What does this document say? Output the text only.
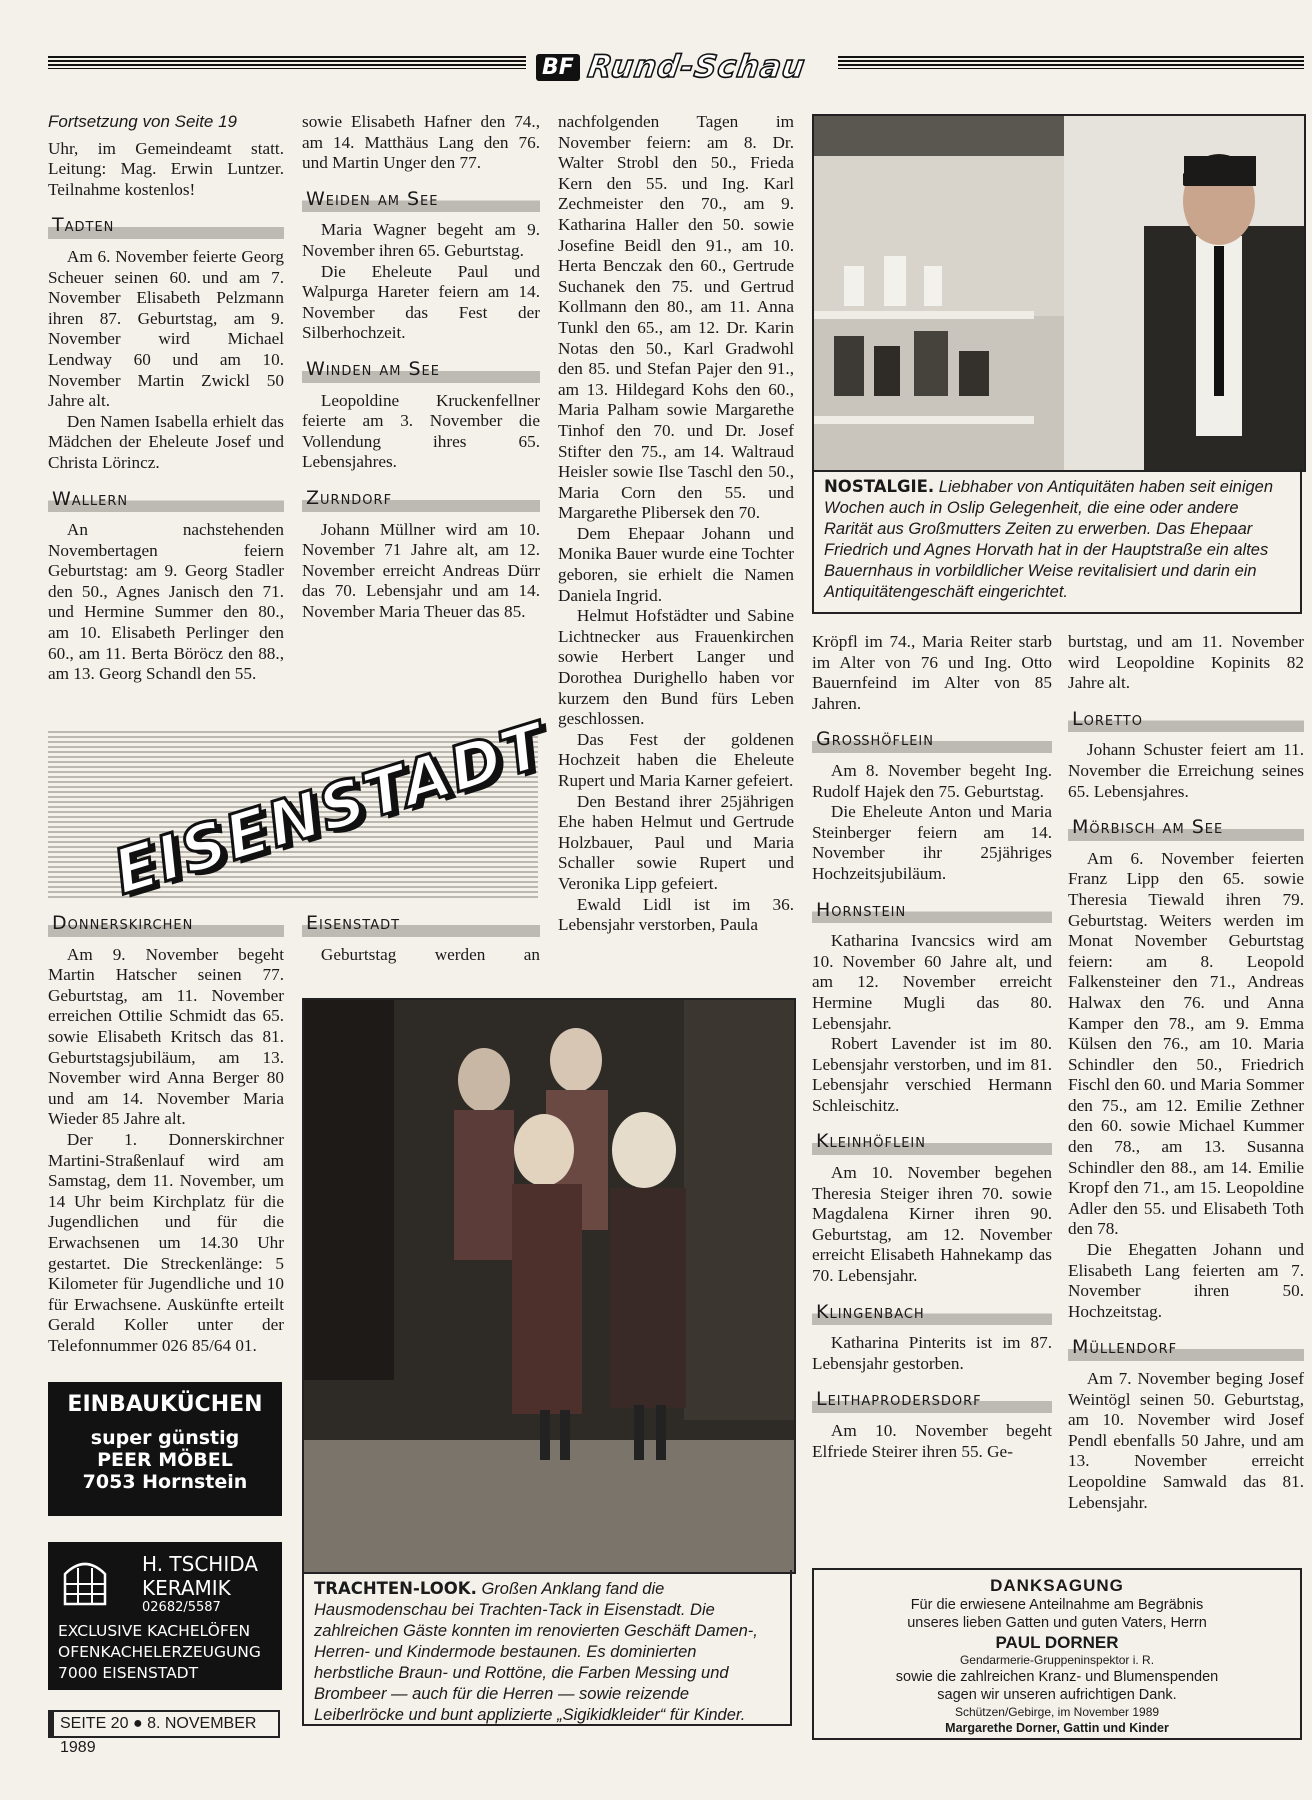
BF Rund-Schau

Fortsetzung von Seite 19

Uhr, im Gemeindeamt statt. Leitung: Mag. Erwin Luntzer. Teilnahme kostenlos!

Tadten

Am 6. November feierte Georg Scheuer seinen 60. und am 7. November Elisabeth Pelzmann ihren 87. Geburtstag, am 9. November wird Michael Lendway 60 und am 10. November Martin Zwickl 50 Jahre alt.

Den Namen Isabella erhielt das Mädchen der Eheleute Josef und Christa Lörincz.

Wallern

An nachstehenden Novembertagen feiern Geburtstag: am 9. Georg Stadler den 50., Agnes Janisch den 71. und Hermine Summer den 80., am 10. Elisabeth Perlinger den 60., am 11. Berta Böröcz den 88., am 13. Georg Schandl den 55.

sowie Elisabeth Hafner den 74., am 14. Matthäus Lang den 76. und Martin Unger den 77.

Weiden am See

Maria Wagner begeht am 9. November ihren 65. Geburtstag.

Die Eheleute Paul und Walpurga Hareter feiern am 14. November das Fest der Silberhochzeit.

Winden am See

Leopoldine Kruckenfellner feierte am 3. November die Vollendung ihres 65. Lebensjahres.

Zurndorf

Johann Müllner wird am 10. November 71 Jahre alt, am 12. November erreicht Andreas Dürr das 70. Lebensjahr und am 14. November Maria Theuer das 85.

nachfolgenden Tagen im November feiern: am 8. Dr. Walter Strobl den 50., Frieda Kern den 55. und Ing. Karl Zechmeister den 70., am 9. Katharina Haller den 50. sowie Josefine Beidl den 91., am 10. Herta Benczak den 60., Gertrude Suchanek den 75. und Gertrud Kollmann den 80., am 11. Anna Tunkl den 65., am 12. Dr. Karin Notas den 50., Karl Gradwohl den 85. und Stefan Pajer den 91., am 13. Hildegard Kohs den 60., Maria Palham sowie Margarethe Tinhof den 70. und Dr. Josef Stifter den 75., am 14. Waltraud Heisler sowie Ilse Taschl den 50., Maria Corn den 55. und Margarethe Plibersek den 70.

Dem Ehepaar Johann und Monika Bauer wurde eine Tochter geboren, sie erhielt die Namen Daniela Ingrid.

Helmut Hofstädter und Sabine Lichtnecker aus Frauenkirchen sowie Herbert Langer und Dorothea Durighello haben vor kurzem den Bund fürs Leben geschlossen.

Das Fest der goldenen Hochzeit haben die Eheleute Rupert und Maria Karner gefeiert.

Den Bestand ihrer 25jährigen Ehe haben Helmut und Gertrude Holzbauer, Paul und Maria Schaller sowie Rupert und Veronika Lipp gefeiert.

Ewald Lidl ist im 36. Lebensjahr verstorben, Paula

NOSTALGIE. Liebhaber von Antiquitäten haben seit einigen Wochen auch in Oslip Gelegenheit, die eine oder andere Rarität aus Großmutters Zeiten zu erwerben. Das Ehepaar Friedrich und Agnes Horvath hat in der Hauptstraße ein altes Bauernhaus in vorbildlicher Weise revitalisiert und darin ein Antiquitätengeschäft eingerichtet.
EISENSTADT
Donnerskirchen

Am 9. November begeht Martin Hatscher seinen 77. Geburtstag, am 11. November erreichen Ottilie Schmidt das 65. sowie Elisabeth Kritsch das 81. Geburtstagsjubiläum, am 13. November wird Anna Berger 80 und am 14. November Maria Wieder 85 Jahre alt.

Der 1. Donnerskirchner Martini-Straßenlauf wird am Samstag, dem 11. November, um 14 Uhr beim Kirchplatz für die Jugendlichen und für die Erwachsenen um 14.30 Uhr gestartet. Die Streckenlänge: 5 Kilometer für Jugendliche und 10 für Erwachsene. Auskünfte erteilt Gerald Koller unter der Telefonnummer 026 85/64 01.

Eisenstadt

Geburtstag werden an

TRACHTEN-LOOK. Großen Anklang fand die Hausmodenschau bei Trachten-Tack in Eisenstadt. Die zahlreichen Gäste konnten im renovierten Geschäft Damen-, Herren- und Kindermode bestaunen. Es dominierten herbstliche Braun- und Rottöne, die Farben Messing und Brombeer — auch für die Herren — sowie reizende Leiberlröcke und bunt applizierte „Sigikidkleider“ für Kinder.
EINBAUKÜCHEN
super günstig
PEER MÖBEL
7053 Hornstein
H. TSCHIDA
KERAMIK
02682/5587
EXCLUSIVE KACHELÖFEN
OFENKACHELERZEUGUNG
7000 EISENSTADT
SEITE 20 ● 8. NOVEMBER 1989

Kröpfl im 74., Maria Reiter starb im Alter von 76 und Ing. Otto Bauernfeind im Alter von 85 Jahren.

Großhöflein

Am 8. November begeht Ing. Rudolf Hajek den 75. Geburtstag.

Die Eheleute Anton und Maria Steinberger feiern am 14. November ihr 25jähriges Hochzeitsjubiläum.

Hornstein

Katharina Ivancsics wird am 10. November 60 Jahre alt, und am 12. November erreicht Hermine Mugli das 80. Lebensjahr.

Robert Lavender ist im 80. Lebensjahr verstorben, und im 81. Lebensjahr verschied Hermann Schleischitz.

Kleinhöflein

Am 10. November begehen Theresia Steiger ihren 70. sowie Magdalena Kirner ihren 90. Geburtstag, am 12. November erreicht Elisabeth Hahnekamp das 70. Lebensjahr.

Klingenbach

Katharina Pinterits ist im 87. Lebensjahr gestorben.

Leithaprodersdorf

Am 10. November begeht Elfriede Steirer ihren 55. Ge-

burtstag, und am 11. November wird Leopoldine Kopinits 82 Jahre alt.

Loretto

Johann Schuster feiert am 11. November die Erreichung seines 65. Lebensjahres.

Mörbisch am See

Am 6. November feierten Franz Lipp den 65. sowie Theresia Tiewald ihren 79. Geburtstag. Weiters werden im Monat November Geburtstag feiern: am 8. Leopold Falkensteiner den 71., Andreas Halwax den 76. und Anna Kamper den 78., am 9. Emma Külsen den 76., am 10. Maria Schindler den 50., Friedrich Fischl den 60. und Maria Sommer den 75., am 12. Emilie Zethner den 60. sowie Michael Kummer den 78., am 13. Susanna Schindler den 88., am 14. Emilie Kropf den 71., am 15. Leopoldine Adler den 55. und Elisabeth Toth den 78.

Die Ehegatten Johann und Elisabeth Lang feierten am 7. November ihren 50. Hochzeitstag.

Müllendorf

Am 7. November beging Josef Weintögl seinen 50. Geburtstag, am 10. November wird Josef Pendl ebenfalls 50 Jahre, und am 13. November erreicht Leopoldine Samwald das 81. Lebensjahr.

DANKSAGUNG
Für die erwiesene Anteilnahme am Begräbnis
unseres lieben Gatten und guten Vaters, Herrn
PAUL DORNER
Gendarmerie-Gruppeninspektor i. R.
sowie die zahlreichen Kranz- und Blumenspenden
sagen wir unseren aufrichtigen Dank.
Schützen/Gebirge, im November 1989
Margarethe Dorner, Gattin und Kinder
